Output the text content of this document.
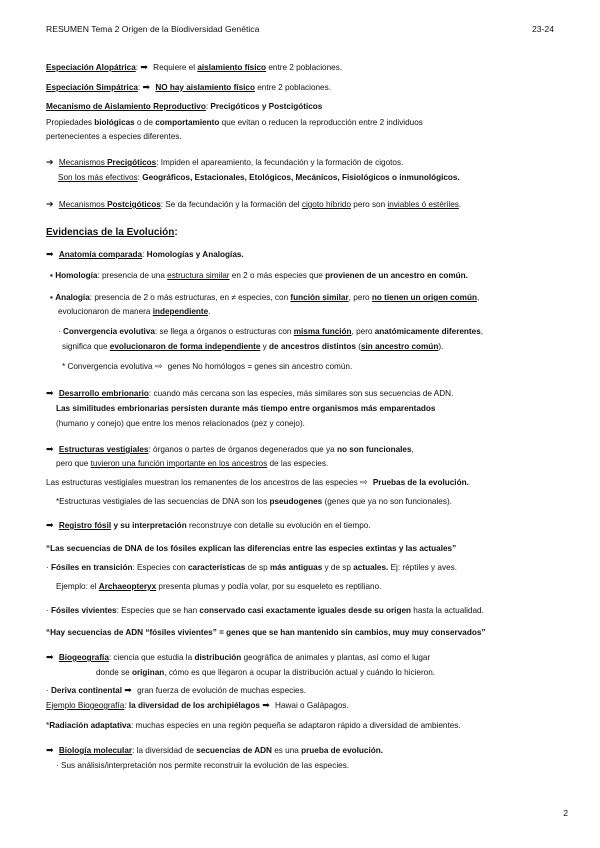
RESUMEN Tema 2 Origen de la Biodiversidad Genética	23-24
Especiación Alopátrica: ➡ Requiere el aislamiento físico entre 2 poblaciones.
Especiación Simpátrica: ➡ NO hay aislamiento físico entre 2 poblaciones.
Mecanismo de Aislamiento Reproductivo: Precigóticos y Postcigóticos
Propiedades biológicas o de comportamiento que evitan o reducen la reproducción entre 2 individuos
pertenecientes a especies diferentes.
➔ Mecanismos Precigóticos: Impiden el apareamiento, la fecundación y la formación de cigotos.
Son los más efectivos: Geográficos, Estacionales, Etológicos, Mecánicos, Fisiológicos o inmunológicos.
➔ Mecanismos Postcigóticos: Se da fecundación y la formación del cigoto híbrido pero son inviables ó estériles.
Evidencias de la Evolución:
➡ Anatomía comparada: Homologías y Analogías.
▪ Homología: presencia de una estructura similar en 2 o más especies que provienen de un ancestro en común.
▪ Analogía: presencia de 2 o más estructuras, en ≠ especies, con función similar, pero no tienen un origen común,
evolucionaron de manera independiente.
· Convergencia evolutiva: se llega a órganos o estructuras con misma función, pero anatómicamente diferentes,
significa que evolucionaron de forma independiente y de ancestros distintos (sin ancestro común).
* Convergencia evolutiva ⇨ genes No homólogos = genes sin ancestro común.
➡ Desarrollo embrionario: cuando más cercana son las especies, más similares son sus secuencias de ADN.
Las similitudes embrionarias persisten durante más tiempo entre organismos más emparentados
(humano y conejo) que entre los menos relacionados (pez y conejo).
➡ Estructuras vestigiales: órganos o partes de órganos degenerados que ya no son funcionales,
pero que tuvieron una función importante en los ancestros de las especies.
Las estructuras vestigiales muestran los remanentes de los ancestros de las especies ⇨ Pruebas de la evolución.
*Estructuras vestigiales de las secuencias de DNA son los pseudogenes (genes que ya no son funcionales).
➡ Registro fósil y su interpretación reconstruye con detalle su evolución en el tiempo.
“Las secuencias de DNA de los fósiles explican las diferencias entre las especies extintas y las actuales”
· Fósiles en transición: Especies con características de sp más antiguas y de sp actuales. Ej: réptiles y aves.
Ejemplo: el Archaeopteryx presenta plumas y podía volar, por su esqueleto es reptiliano.
· Fósiles vivientes: Especies que se han conservado casi exactamente iguales desde su origen hasta la actualidad.
“Hay secuencias de ADN “fósiles vivientes” = genes que se han mantenido sin cambios, muy muy conservados”
➡ Biogeografía: ciencia que estudia la distribución geográfica de animales y plantas, así como el lugar
donde se originan, cómo es que llegaron a ocupar la distribución actual y cuándo lo hicieron.
· Deriva continental ➡ gran fuerza de evolución de muchas especies.
Ejemplo Biogeografía: la diversidad de los archipiélagos ➡ Hawai o Galápagos.
*Radiación adaptativa: muchas especies en una región pequeña se adaptaron rápido a diversidad de ambientes.
➡ Biología molecular: la diversidad de secuencias de ADN es una prueba de evolución.
· Sus análisis/interpretación nos permite reconstruir la evolución de las especies.
2
